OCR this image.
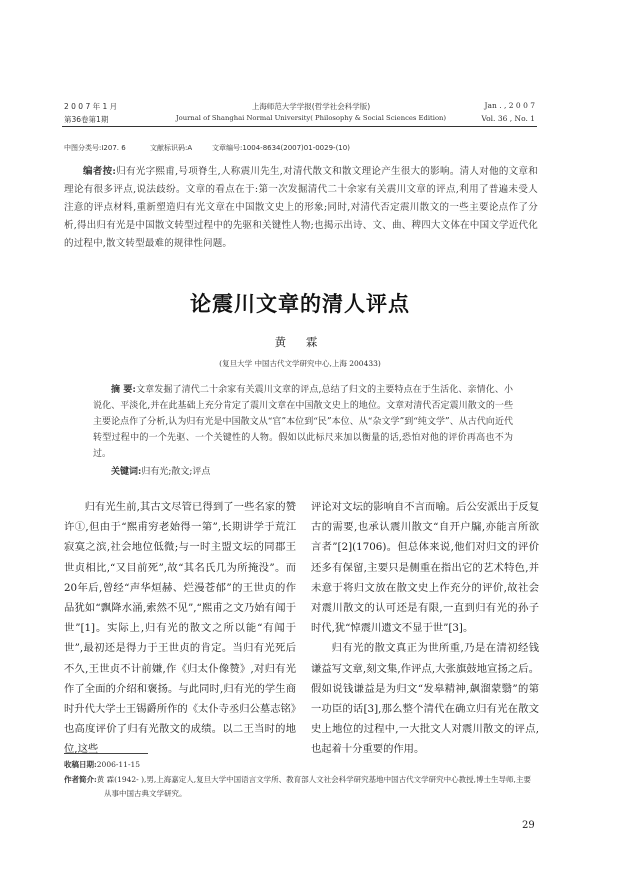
2 0 0 7 年 1 月
第36卷第1期
上海师范大学学报(哲学社会科学版)
Journal of Shanghai Normal University( Philosophy & Social Sciences Edition)
Jan . , 2 0 0 7
Vol. 36 , No. 1
中图分类号:I207. 6	文献标识码:A	文章编号:1004-8634(2007)01-0029-(10)
编者按:归有光字熙甫,号项脊生,人称震川先生,对清代散文和散文理论产生很大的影响。清人对他的文章和理论有很多评点,说法歧纷。文章的看点在于:第一次发掘清代二十余家有关震川文章的评点,利用了普遍未受人注意的评点材料,重新塑造归有光文章在中国散文史上的形象;同时,对清代否定震川散文的一些主要论点作了分析,得出归有光是中国散文转型过程中的先驱和关键性人物;也揭示出诗、文、曲、稗四大文体在中国文学近代化的过程中,散文转型最难的规律性问题。
论震川文章的清人评点
黄 霖
(复旦大学 中国古代文学研究中心,上海 200433)
摘 要:文章发掘了清代二十余家有关震川文章的评点,总结了归文的主要特点在于生活化、亲情化、小说化、平淡化,并在此基础上充分肯定了震川文章在中国散文史上的地位。文章对清代否定震川散文的一些主要论点作了分析,认为归有光是中国散文从“官”本位到“民”本位、从“杂文学”到“纯文学”、从古代向近代转型过程中的一个先驱、一个关键性的人物。假如以此标尺来加以衡量的话,恐怕对他的评价再高也不为过。
关键词:归有光;散文;评点

归有光生前,其古文尽管已得到了一些名家的赞许①,但由于“熙甫穷老始得一第”,长期讲学于荒江寂寞之滨,社会地位低微;与一时主盟文坛的同郡王世贞相比,“又目前死”,故“其名氏几为所掩没”。而20年后,曾经“声华烜赫、烂漫苍郁”的王世贞的作品犹如“飘降水涌,索然不见”,“熙甫之文乃始有闻于世”[1]。实际上,归有光的散文之所以能“有闻于世”,最初还是得力于王世贞的肯定。当归有光死后不久,王世贞不计前嫌,作《归太仆像赞》,对归有光作了全面的介绍和褒扬。与此同时,归有光的学生商时升代大学士王锡爵所作的《太仆寺丞归公墓志铭》也高度评价了归有光散文的成绩。以二王当时的地位,这些

评论对文坛的影响自不言而喻。后公安派出于反复古的需要,也承认震川散文“自开户牖,亦能言所欲言者”[2](1706)。但总体来说,他们对归文的评价还多有保留,主要只是侧重在指出它的艺术特色,并未意于将归文放在散文史上作充分的评价,故社会对震川散文的认可还是有限,一直到归有光的孙子时代,犹“悼震川遗文不显于世”[3]。

归有光的散文真正为世所重,乃是在清初经钱谦益写文章,刻文集,作评点,大张旗鼓地宣扬之后。假如说钱谦益是为归文“发皋精神,飙溜蒙翳”的第一功臣的话[3],那么整个清代在确立归有光在散文史上地位的过程中,一大批文人对震川散文的评点,也起着十分重要的作用。

收稿日期:2006-11-15
作者简介:黄 霖(1942- ),男,上海嘉定人,复旦大学中国语言文学所、教育部人文社会科学研究基地中国古代文学研究中心教授,博士生导师,主要从事中国古典文学研究。
29
